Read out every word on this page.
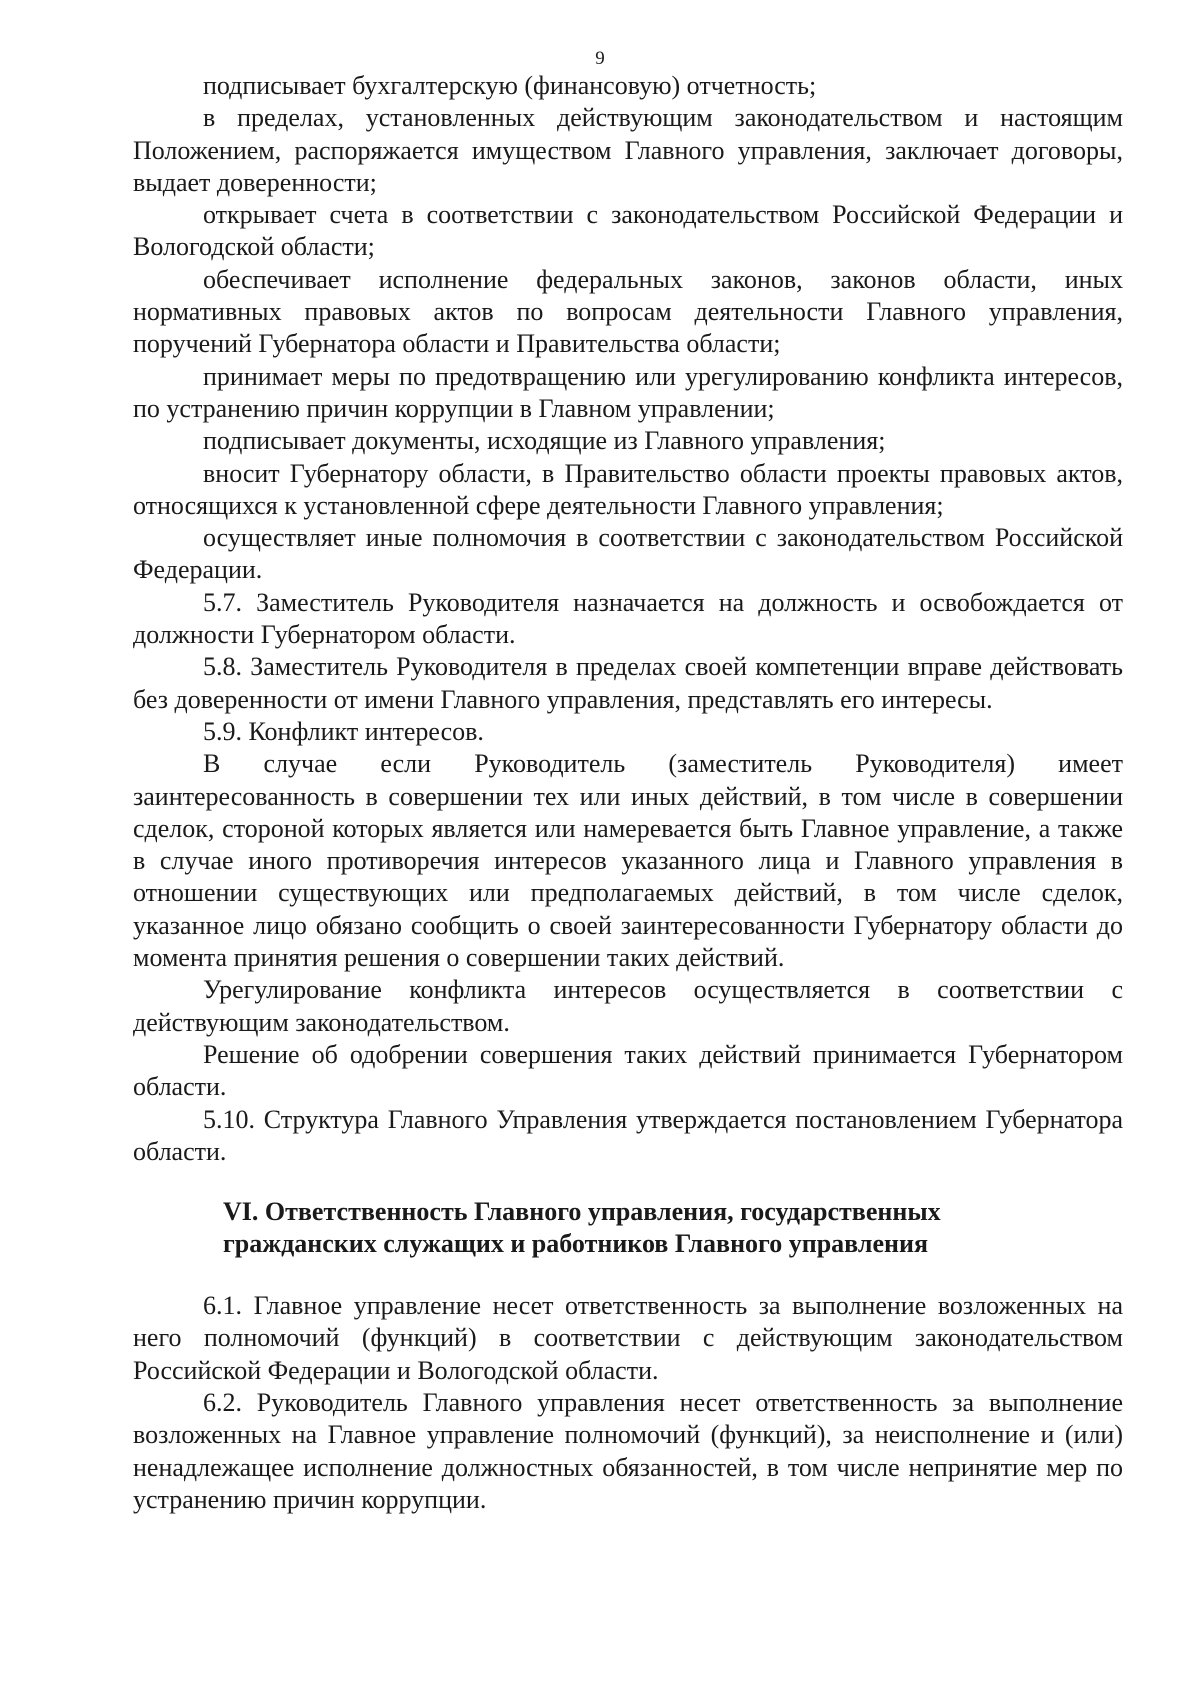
9

подписывает бухгалтерскую (финансовую) отчетность;

в пределах, установленных действующим законодательством и настоящим Положением, распоряжается имуществом Главного управления, заключает договоры, выдает доверенности;

открывает счета в соответствии с законодательством Российской Федерации и Вологодской области;

обеспечивает исполнение федеральных законов, законов области, иных нормативных правовых актов по вопросам деятельности Главного управления, поручений Губернатора области и Правительства области;

принимает меры по предотвращению или урегулированию конфликта интересов, по устранению причин коррупции в Главном управлении;

подписывает документы, исходящие из Главного управления;

вносит Губернатору области, в Правительство области проекты правовых актов, относящихся к установленной сфере деятельности Главного управления;

осуществляет иные полномочия в соответствии с законодательством Российской Федерации.

5.7. Заместитель Руководителя назначается на должность и освобождается от должности Губернатором области.

5.8. Заместитель Руководителя в пределах своей компетенции вправе действовать без доверенности от имени Главного управления, представлять его интересы.

5.9. Конфликт интересов.

В случае если Руководитель (заместитель Руководителя) имеет заинтересованность в совершении тех или иных действий, в том числе в совершении сделок, стороной которых является или намеревается быть Главное управление, а также в случае иного противоречия интересов указанного лица и Главного управления в отношении существующих или предполагаемых действий, в том числе сделок, указанное лицо обязано сообщить о своей заинтересованности Губернатору области до момента принятия решения о совершении таких действий.

Урегулирование конфликта интересов осуществляется в соответствии с действующим законодательством.

Решение об одобрении совершения таких действий принимается Губернатором области.

5.10. Структура Главного Управления утверждается постановлением Губернатора области.

VI. Ответственность Главного управления, государственных
гражданских служащих и работников Главного управления

6.1. Главное управление несет ответственность за выполнение возложенных на него полномочий (функций) в соответствии с действующим законодательством Российской Федерации и Вологодской области.

6.2. Руководитель Главного управления несет ответственность за выполнение возложенных на Главное управление полномочий (функций), за неисполнение и (или) ненадлежащее исполнение должностных обязанностей, в том числе непринятие мер по устранению причин коррупции.
